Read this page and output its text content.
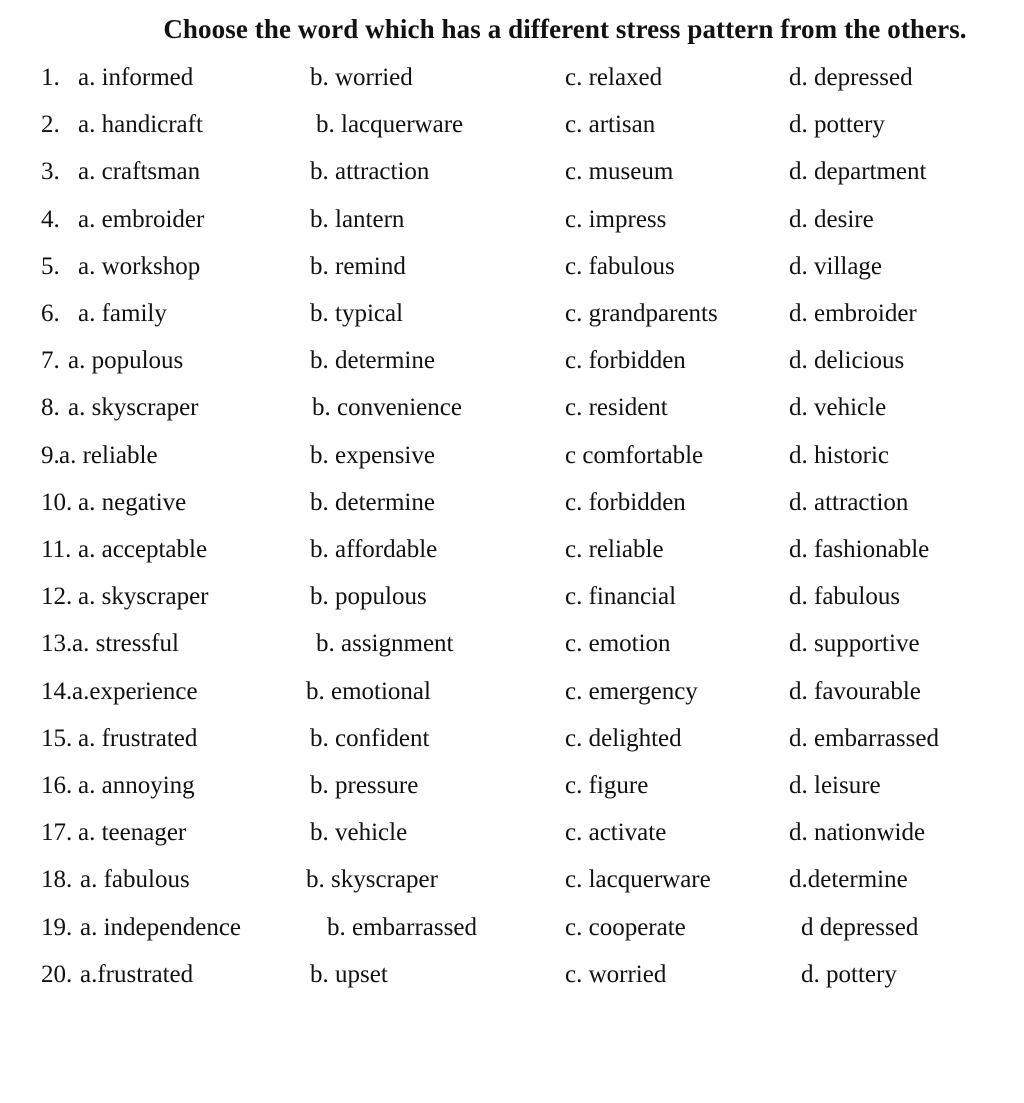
Choose the word which has a different stress pattern from the others.
1. a. informed	b. worried	c. relaxed	d. depressed
2. a. handicraft	b. lacquerware	c. artisan	d. pottery
3. a. craftsman	b. attraction	c. museum	d. department
4. a. embroider	b. lantern	c. impress	d. desire
5. a. workshop	b. remind	c. fabulous	d. village
6. a. family	b. typical	c. grandparents	d. embroider
7. a. populous	b. determine	c. forbidden	d. delicious
8. a. skyscraper	b. convenience	c. resident	d. vehicle
9. a. reliable	b. expensive	c comfortable	d. historic
10. a. negative	b. determine	c. forbidden	d. attraction
11. a. acceptable	b. affordable	c. reliable	d. fashionable
12. a. skyscraper	b. populous	c. financial	d. fabulous
13. a. stressful	b. assignment	c. emotion	d. supportive
14. a.experience	b. emotional	c. emergency	d. favourable
15. a. frustrated	b. confident	c. delighted	d. embarrassed
16. a. annoying	b. pressure	c. figure	d. leisure
17. a. teenager	b. vehicle	c. activate	d. nationwide
18. a. fabulous	b. skyscraper	c. lacquerware	d.determine
19. a. independence	b. embarrassed	c. cooperate	d depressed
20. a.frustrated	b. upset	c. worried	d. pottery
